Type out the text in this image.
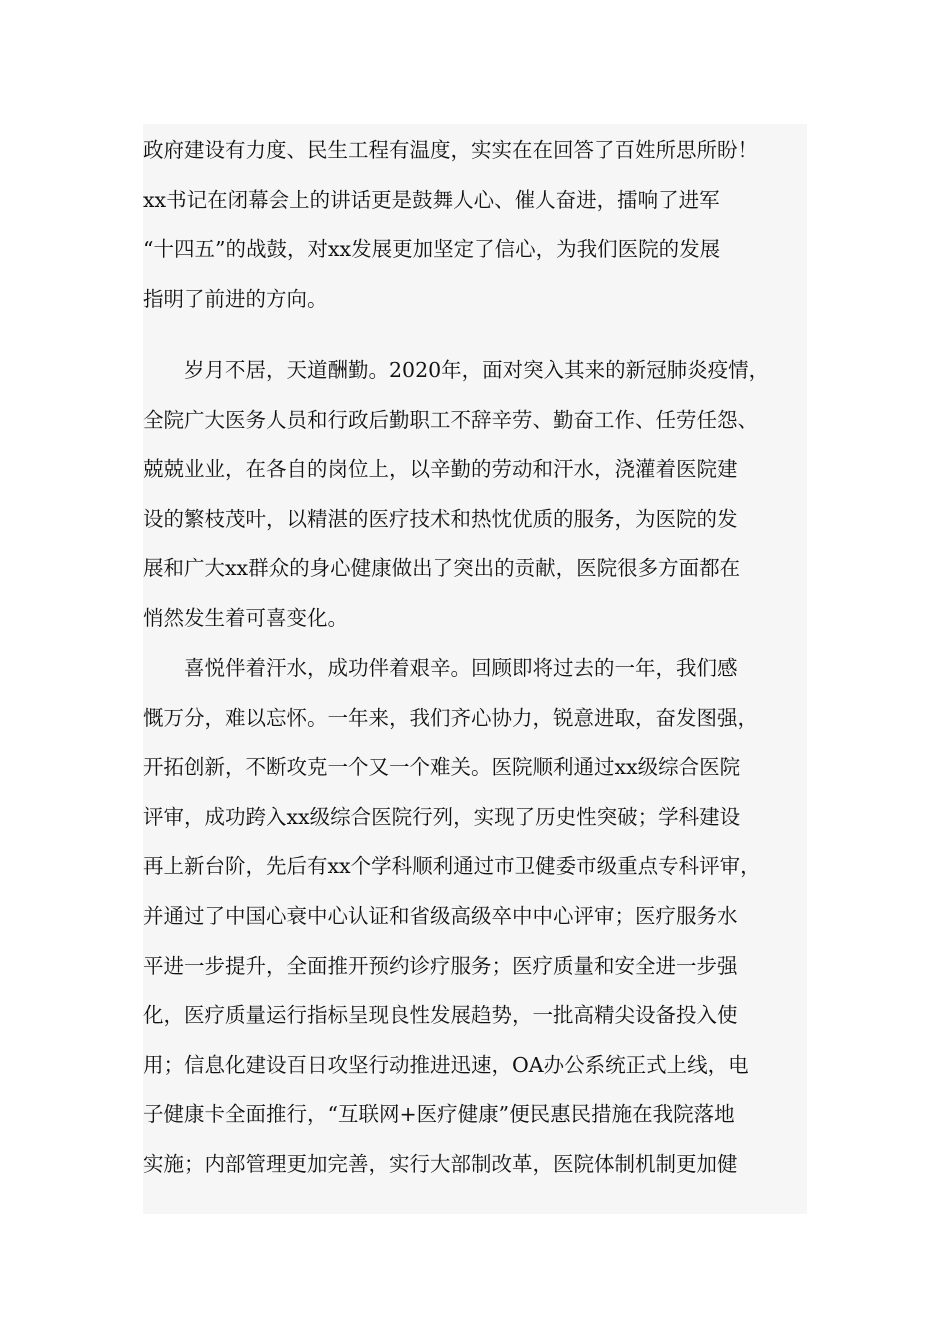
政府建设有力度、民生工程有温度，实实在在回答了百姓所思所盼！
xx书记在闭幕会上的讲话更是鼓舞人心、催人奋进，擂响了进军
“十四五”的战鼓，对xx发展更加坚定了信心，为我们医院的发展
指明了前进的方向。
　　岁月不居，天道酬勤。2020年，面对突入其来的新冠肺炎疫情，
全院广大医务人员和行政后勤职工不辞辛劳、勤奋工作、任劳任怨、
兢兢业业，在各自的岗位上，以辛勤的劳动和汗水，浇灌着医院建
设的繁枝茂叶，以精湛的医疗技术和热忱优质的服务，为医院的发
展和广大xx群众的身心健康做出了突出的贡献，医院很多方面都在
悄然发生着可喜变化。
　　喜悦伴着汗水，成功伴着艰辛。回顾即将过去的一年，我们感
慨万分，难以忘怀。一年来，我们齐心协力，锐意进取，奋发图强，
开拓创新，不断攻克一个又一个难关。医院顺利通过xx级综合医院
评审，成功跨入xx级综合医院行列，实现了历史性突破；学科建设
再上新台阶，先后有xx个学科顺利通过市卫健委市级重点专科评审，
并通过了中国心衰中心认证和省级高级卒中中心评审；医疗服务水
平进一步提升，全面推开预约诊疗服务；医疗质量和安全进一步强
化，医疗质量运行指标呈现良性发展趋势，一批高精尖设备投入使
用；信息化建设百日攻坚行动推进迅速，OA办公系统正式上线，电
子健康卡全面推行，“互联网+医疗健康”便民惠民措施在我院落地
实施；内部管理更加完善，实行大部制改革，医院体制机制更加健
